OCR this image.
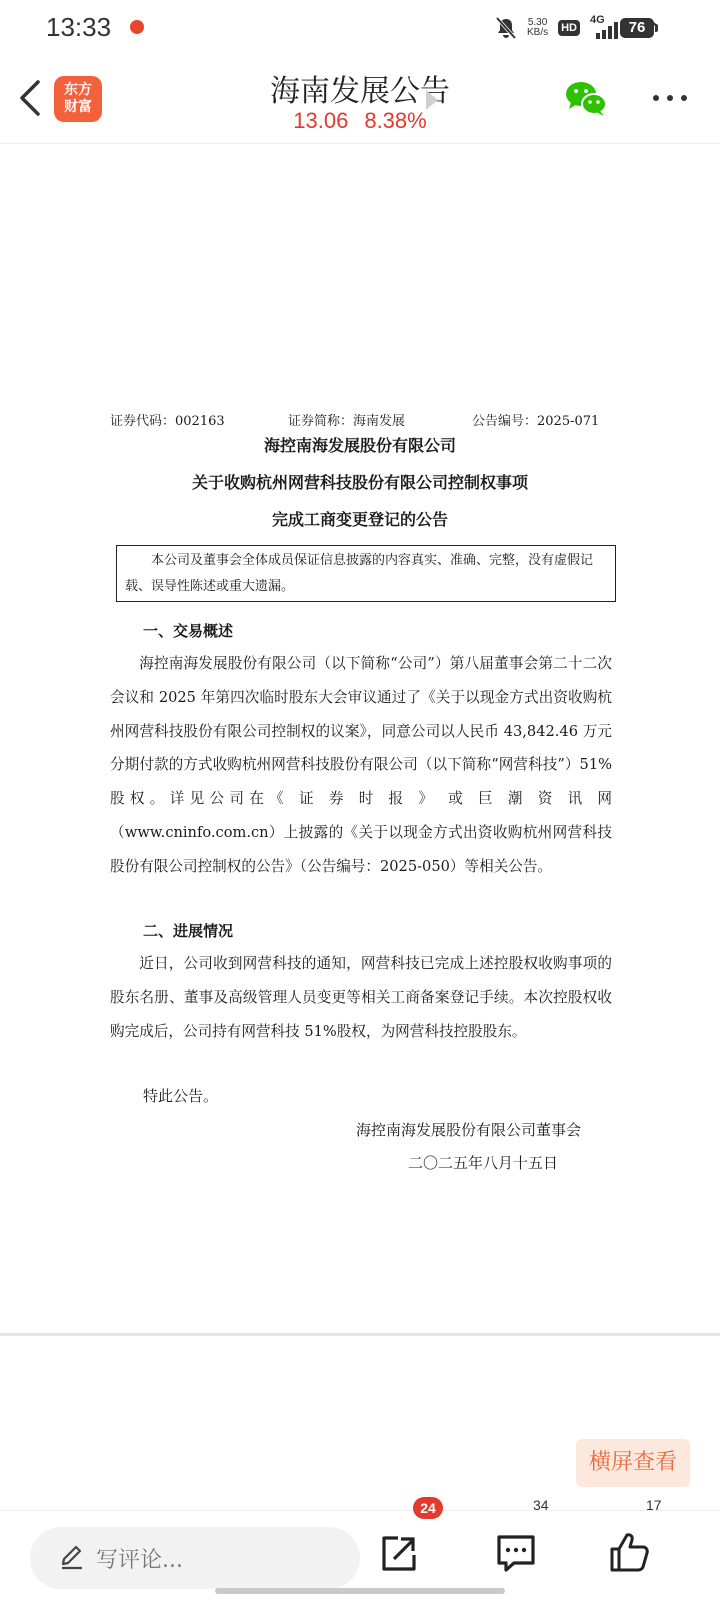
13:33	5.30
KB/s HD
4G	76
东方
财富	海南发展公告
13.06 8.38%
证券代码：002163	证券简称：海南发展	公告编号：2025-071
海控南海发展股份有限公司
关于收购杭州网营科技股份有限公司控制权事项
完成工商变更登记的公告
本公司及董事会全体成员保证信息披露的内容真实、准确、完整，没有虚假记载、误导性陈述或重大遗漏。
一、交易概述
海控南海发展股份有限公司（以下简称“公司”）第八届董事会第二十二次会议和 2025 年第四次临时股东大会审议通过了《关于以现金方式出资收购杭州网营科技股份有限公司控制权的议案》，同意公司以人民币 43,842.46 万元分期付款的方式收购杭州网营科技股份有限公司（以下简称“网营科技”）51%股权。详见公司在《 证 券 时 报 》 或 巨 潮 资 讯 网（www.cninfo.com.cn）上披露的《关于以现金方式出资收购杭州网营科技股份有限公司控制权的公告》（公告编号：2025-050）等相关公告。
二、进展情况
近日，公司收到网营科技的通知，网营科技已完成上述控股权收购事项的股东名册、董事及高级管理人员变更等相关工商备案登记手续。本次控股权收购完成后，公司持有网营科技 51%股权，为网营科技控股股东。
特此公告。
海控南海发展股份有限公司董事会
二〇二五年八月十五日
横屏查看
写评论...
24	34	17
